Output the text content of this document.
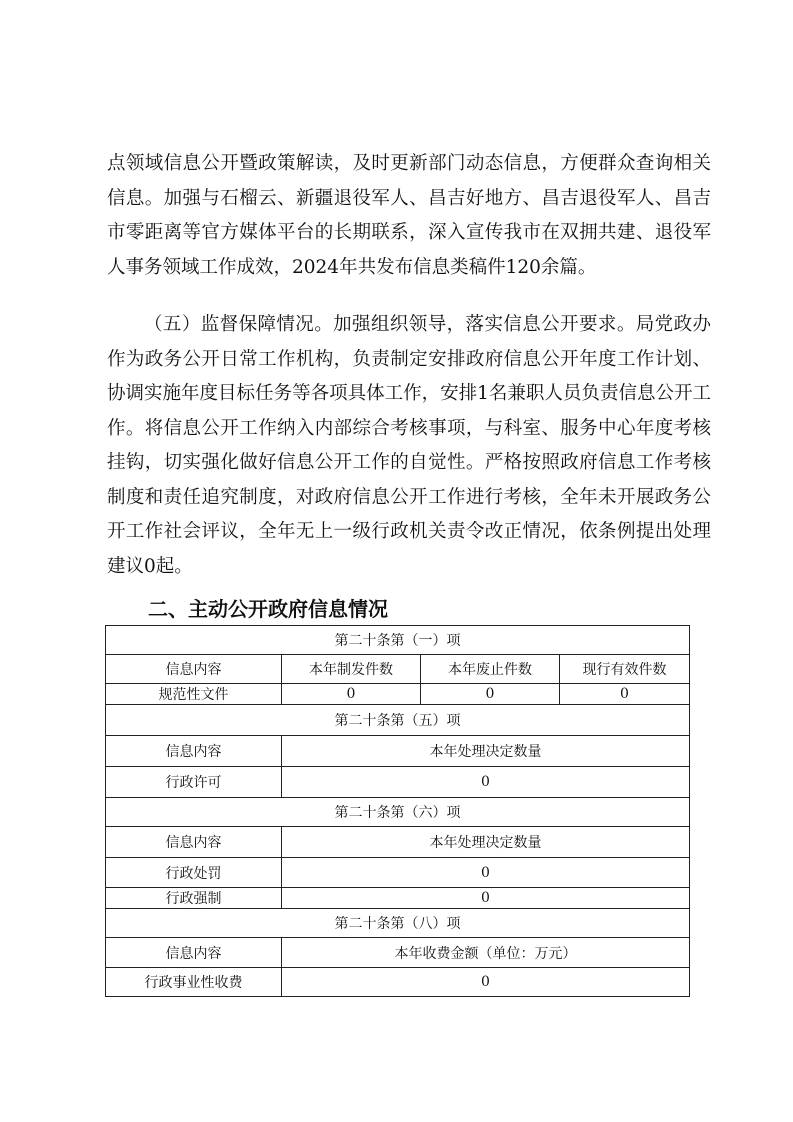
点领域信息公开暨政策解读，及时更新部门动态信息，方便群众查询相关信息。加强与石榴云、新疆退役军人、昌吉好地方、昌吉退役军人、昌吉市零距离等官方媒体平台的长期联系，深入宣传我市在双拥共建、退役军人事务领域工作成效，2024年共发布信息类稿件120余篇。

（五）监督保障情况。加强组织领导，落实信息公开要求。局党政办作为政务公开日常工作机构，负责制定安排政府信息公开年度工作计划、协调实施年度目标任务等各项具体工作，安排1名兼职人员负责信息公开工作。将信息公开工作纳入内部综合考核事项，与科室、服务中心年度考核挂钩，切实强化做好信息公开工作的自觉性。严格按照政府信息工作考核制度和责任追究制度，对政府信息公开工作进行考核，全年未开展政务公开工作社会评议，全年无上一级行政机关责令改正情况，依条例提出处理建议0起。

二、主动公开政府信息情况
第二十条第（一）项			
信息内容	本年制发件数	本年废止件数	现行有效件数
规范性文件	0	0	0
第二十条第（五）项			
信息内容	本年处理决定数量		
行政许可	0		
第二十条第（六）项			
信息内容	本年处理决定数量		
行政处罚	0		
行政强制	0		
第二十条第（八）项			
信息内容	本年收费金额（单位：万元）		
行政事业性收费	0		
